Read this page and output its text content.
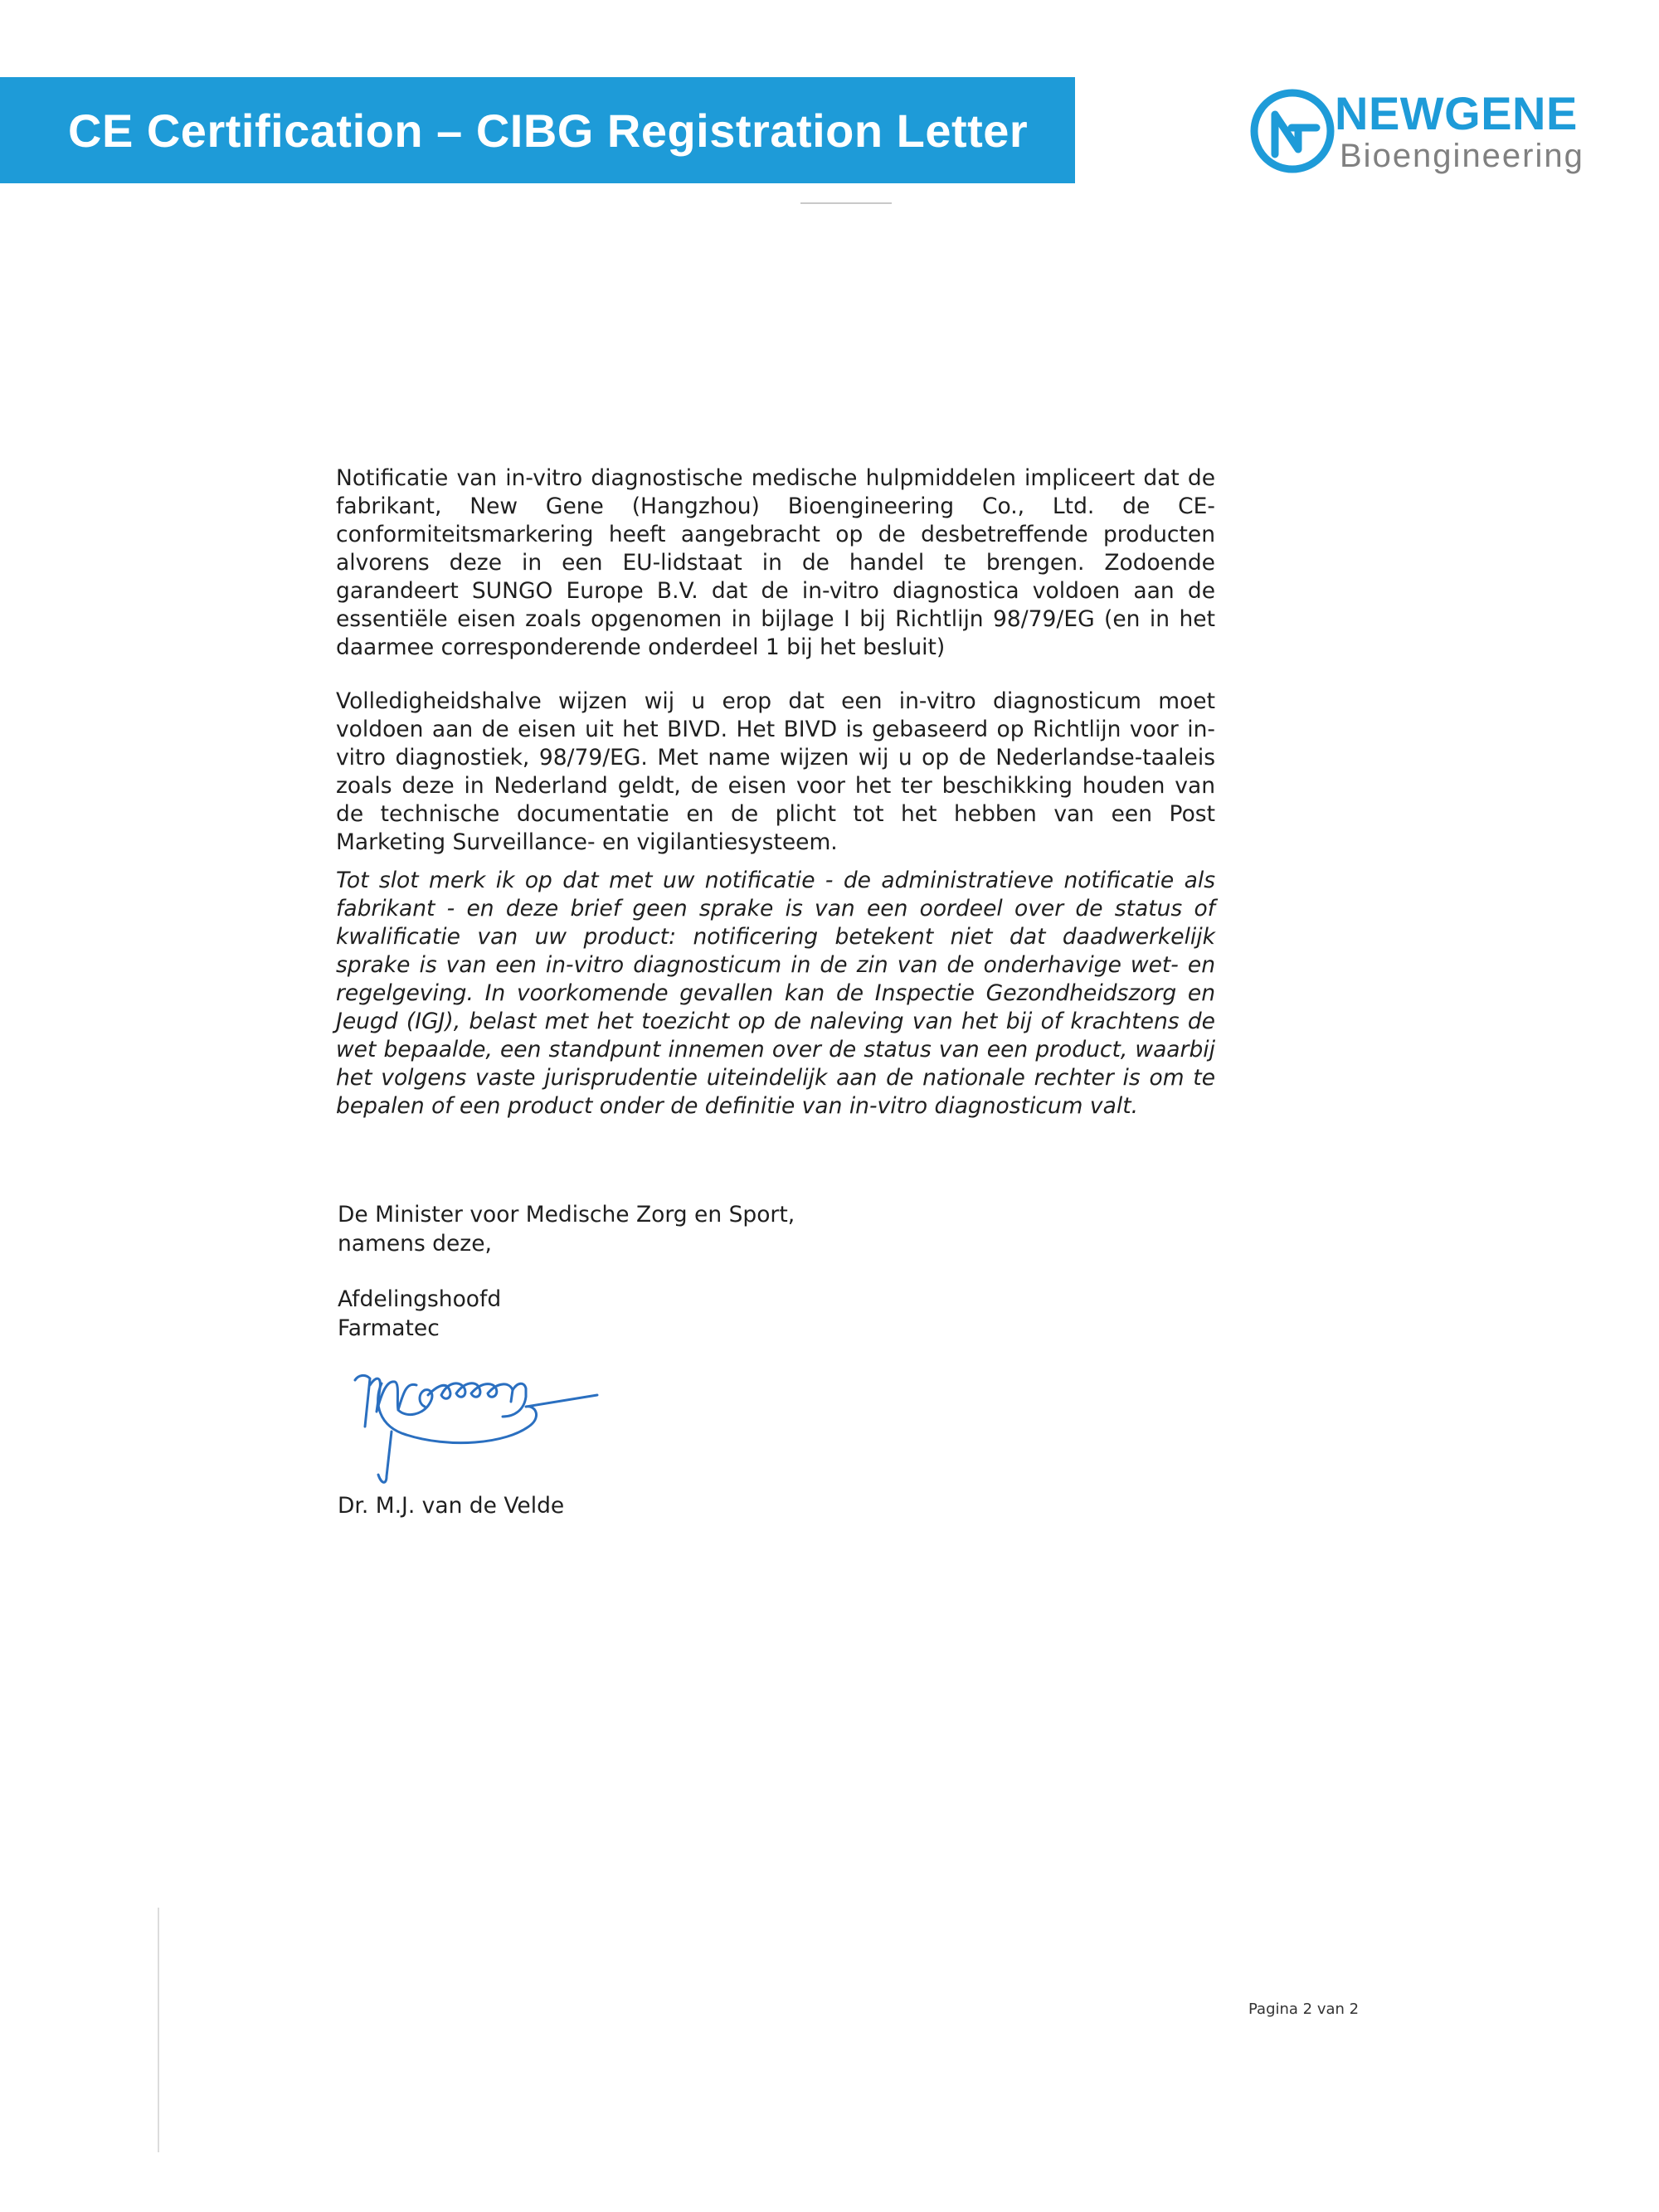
CE Certification – CIBG Registration Letter	NEWGENE
Bioengineering

Notificatie van in-vitro diagnostische medische hulpmiddelen impliceert dat de fabrikant, New Gene (Hangzhou) Bioengineering Co., Ltd. de CE-conformiteitsmarkering heeft aangebracht op de desbetreffende producten alvorens deze in een EU-lidstaat in de handel te brengen. Zodoende garandeert SUNGO Europe B.V. dat de in-vitro diagnostica voldoen aan de essentiële eisen zoals opgenomen in bijlage I bij Richtlijn 98/79/EG (en in het daarmee corresponderende onderdeel 1 bij het besluit)

Volledigheidshalve wijzen wij u erop dat een in-vitro diagnosticum moet voldoen aan de eisen uit het BIVD. Het BIVD is gebaseerd op Richtlijn voor in-vitro diagnostiek, 98/79/EG. Met name wijzen wij u op de Nederlandse-taaleis zoals deze in Nederland geldt, de eisen voor het ter beschikking houden van de technische documentatie en de plicht tot het hebben van een Post Marketing Surveillance- en vigilantiesysteem.

Tot slot merk ik op dat met uw notificatie - de administratieve notificatie als fabrikant - en deze brief geen sprake is van een oordeel over de status of kwalificatie van uw product: notificering betekent niet dat daadwerkelijk sprake is van een in-vitro diagnosticum in de zin van de onderhavige wet- en regelgeving. In voorkomende gevallen kan de Inspectie Gezondheidszorg en Jeugd (IGJ), belast met het toezicht op de naleving van het bij of krachtens de wet bepaalde, een standpunt innemen over de status van een product, waarbij het volgens vaste jurisprudentie uiteindelijk aan de nationale rechter is om te bepalen of een product onder de definitie van in-vitro diagnosticum valt.

De Minister voor Medische Zorg en Sport,
namens deze,
Afdelingshoofd
Farmatec
Dr. M.J. van de Velde
Pagina 2 van 2
